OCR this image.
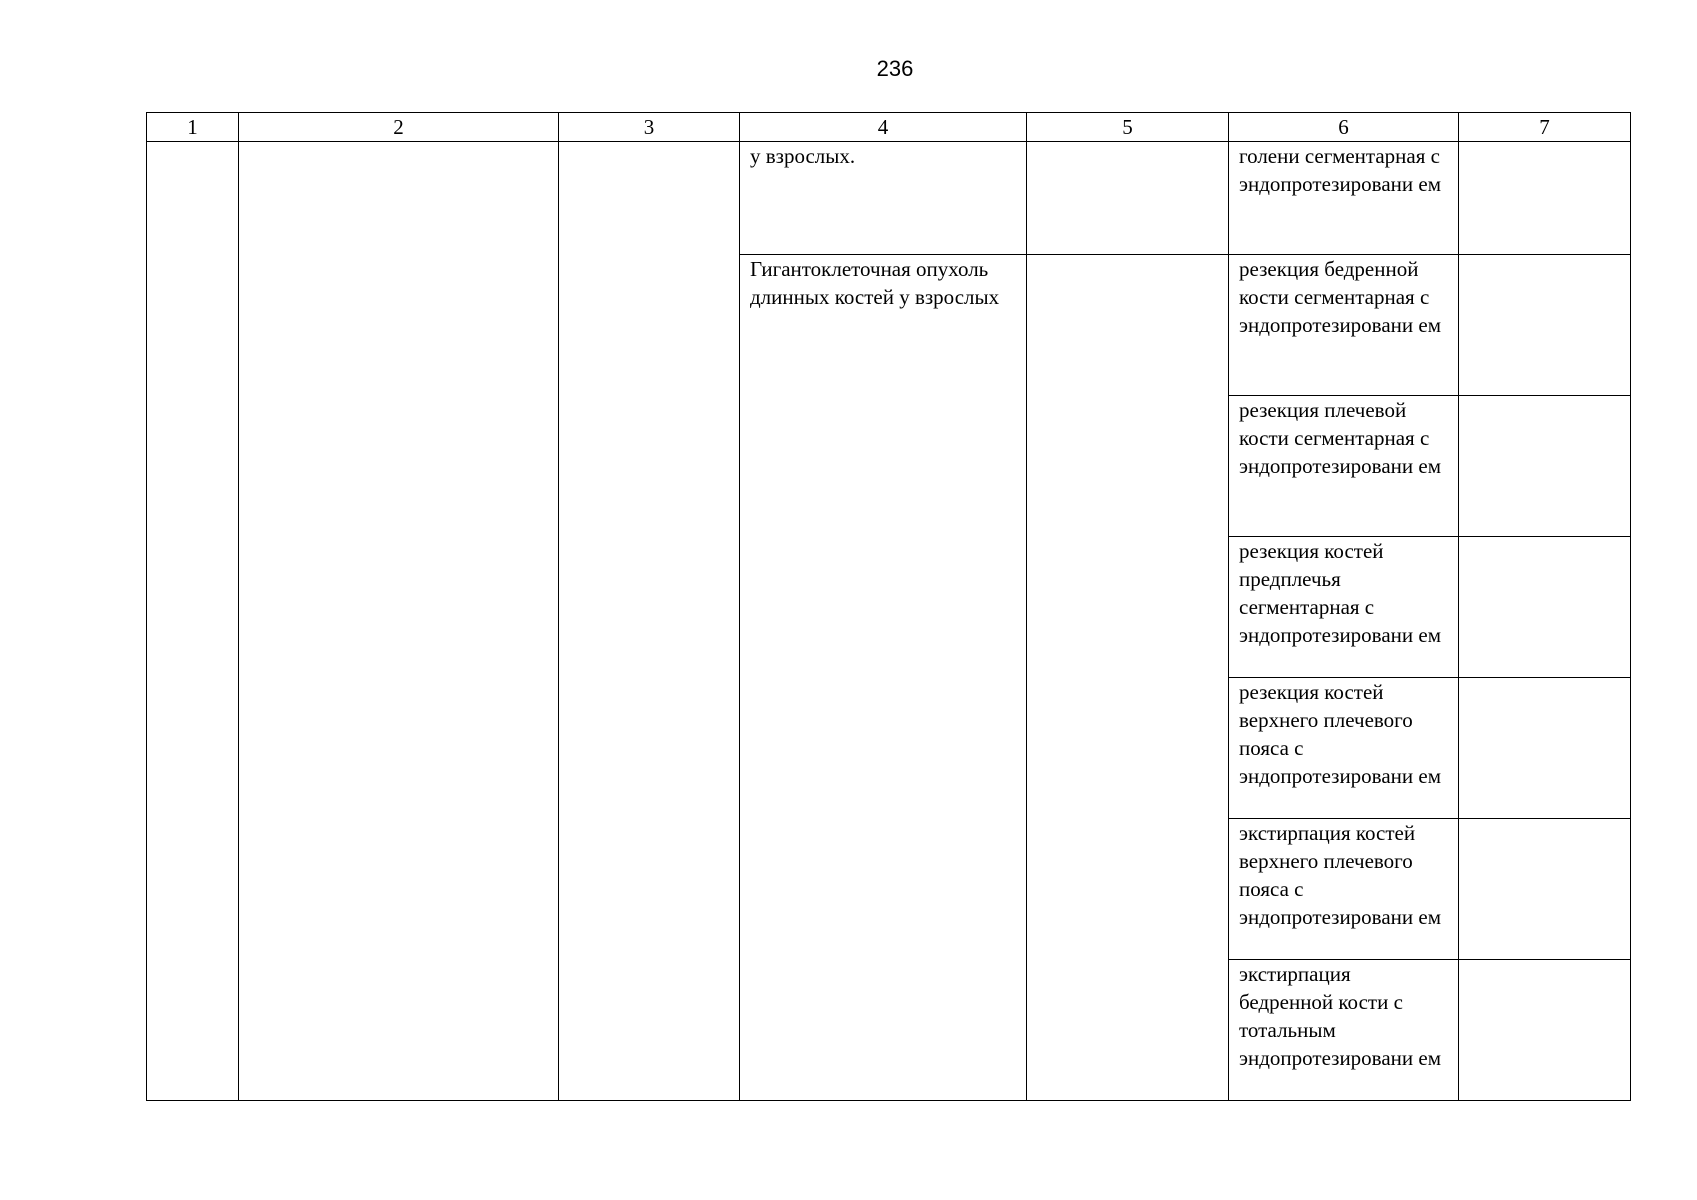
236
1	2	3	4	5	6	7

			у взрослых.		голени сегментарная с эндопротезировани ем	

			Гигантоклеточная опухоль длинных костей у взрослых		резекция бедренной кости сегментарная с эндопротезировани ем	

					резекция плечевой кости сегментарная с эндопротезировани ем	

					резекция костей предплечья сегментарная с эндопротезировани ем	

					резекция костей верхнего плечевого пояса с эндопротезировани ем	

					экстирпация костей верхнего плечевого пояса с эндопротезировани ем	

					экстирпация бедренной кости с тотальным эндопротезировани ем	
